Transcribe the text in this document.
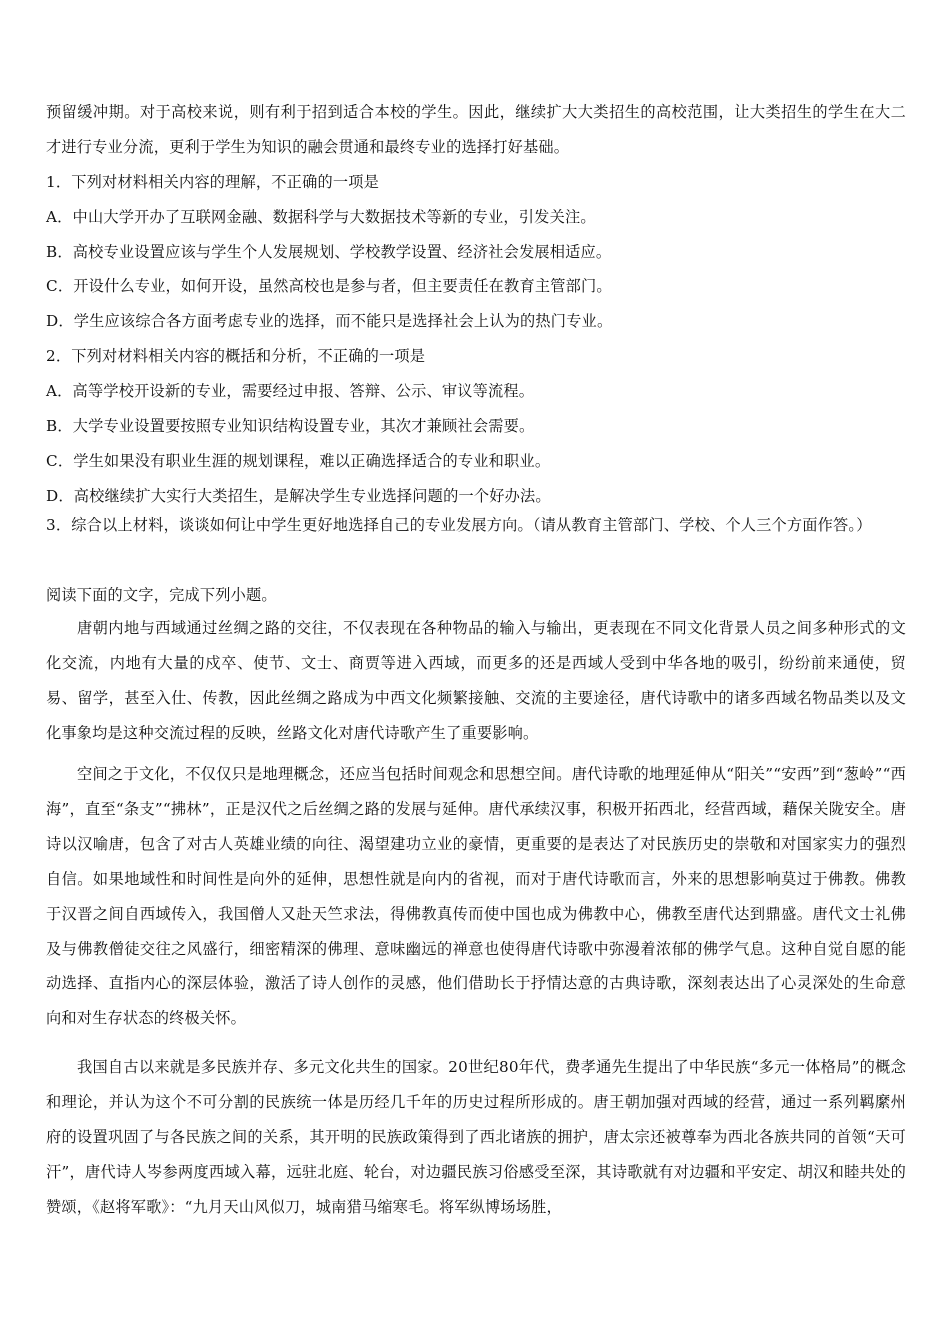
预留缓冲期。对于高校来说，则有利于招到适合本校的学生。因此，继续扩大大类招生的高校范围，让大类招生的学生在大二才进行专业分流，更利于学生为知识的融会贯通和最终专业的选择打好基础。

1．下列对材料相关内容的理解，不正确的一项是
A．中山大学开办了互联网金融、数据科学与大数据技术等新的专业，引发关注。
B．高校专业设置应该与学生个人发展规划、学校教学设置、经济社会发展相适应。
C．开设什么专业，如何开设，虽然高校也是参与者，但主要责任在教育主管部门。
D．学生应该综合各方面考虑专业的选择，而不能只是选择社会上认为的热门专业。
2．下列对材料相关内容的概括和分析，不正确的一项是
A．高等学校开设新的专业，需要经过申报、答辩、公示、审议等流程。
B．大学专业设置要按照专业知识结构设置专业，其次才兼顾社会需要。
C．学生如果没有职业生涯的规划课程，难以正确选择适合的专业和职业。
D．高校继续扩大实行大类招生，是解决学生专业选择问题的一个好办法。

3．综合以上材料，谈谈如何让中学生更好地选择自己的专业发展方向。（请从教育主管部门、学校、个人三个方面作答。）

阅读下面的文字，完成下列小题。

唐朝内地与西域通过丝绸之路的交往，不仅表现在各种物品的输入与输出，更表现在不同文化背景人员之间多种形式的文化交流，内地有大量的戍卒、使节、文士、商贾等进入西域，而更多的还是西域人受到中华各地的吸引，纷纷前来通使，贸易、留学，甚至入仕、传教，因此丝绸之路成为中西文化频繁接触、交流的主要途径，唐代诗歌中的诸多西域名物品类以及文化事象均是这种交流过程的反映，丝路文化对唐代诗歌产生了重要影响。

空间之于文化，不仅仅只是地理概念，还应当包括时间观念和思想空间。唐代诗歌的地理延伸从“阳关”“安西”到“葱岭”“西海”，直至“条支”“拂林”，正是汉代之后丝绸之路的发展与延伸。唐代承续汉事，积极开拓西北，经营西域，藉保关陇安全。唐诗以汉喻唐，包含了对古人英雄业绩的向往、渴望建功立业的豪情，更重要的是表达了对民族历史的崇敬和对国家实力的强烈自信。如果地域性和时间性是向外的延伸，思想性就是向内的省视，而对于唐代诗歌而言，外来的思想影响莫过于佛教。佛教于汉晋之间自西域传入，我国僧人又赴天竺求法，得佛教真传而使中国也成为佛教中心，佛教至唐代达到鼎盛。唐代文士礼佛及与佛教僧徒交往之风盛行，细密精深的佛理、意味幽远的禅意也使得唐代诗歌中弥漫着浓郁的佛学气息。这种自觉自愿的能动选择、直指内心的深层体验，激活了诗人创作的灵感，他们借助长于抒情达意的古典诗歌，深刻表达出了心灵深处的生命意向和对生存状态的终极关怀。

我国自古以来就是多民族并存、多元文化共生的国家。20世纪80年代，费孝通先生提出了中华民族“多元一体格局”的概念和理论，并认为这个不可分割的民族统一体是历经几千年的历史过程所形成的。唐王朝加强对西域的经营，通过一系列羁縻州府的设置巩固了与各民族之间的关系，其开明的民族政策得到了西北诸族的拥护，唐太宗还被尊奉为西北各族共同的首领“天可汗”，唐代诗人岑参两度西域入幕，远驻北庭、轮台，对边疆民族习俗感受至深，其诗歌就有对边疆和平安定、胡汉和睦共处的赞颂，《赵将军歌》：“九月天山风似刀，城南猎马缩寒毛。将军纵博场场胜，
